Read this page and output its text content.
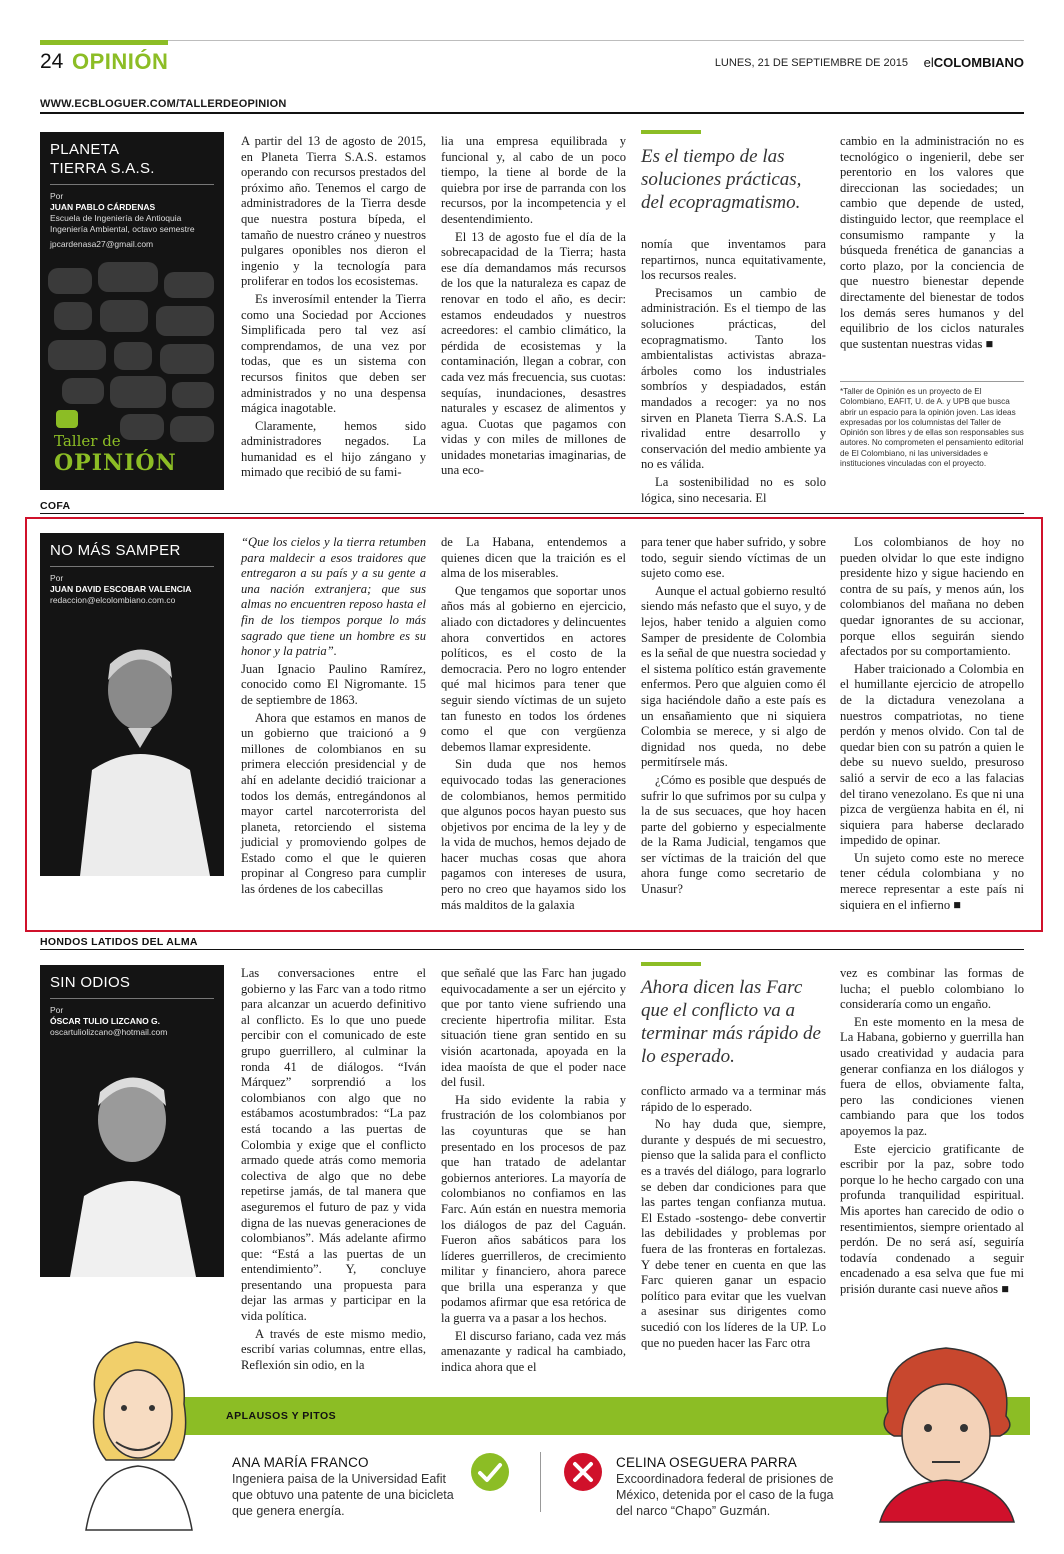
24 OPINIÓN	LUNES, 21 DE SEPTIEMBRE DE 2015 elCOLOMBIANO
WWW.ECBLOGUER.COM/TALLERDEOPINION
PLANETA
TIERRA S.A.S.
Por
JUAN PABLO CÁRDENAS
Escuela de Ingeniería de Antioquia Ingeniería Ambiental, octavo semestre
jpcardenasa27@gmail.com
Taller de
OPINIÓN

A partir del 13 de agosto de 2015, en Planeta Tierra S.A.S. estamos operando con recursos prestados del próximo año. Tenemos el cargo de administradores de la Tierra desde que nuestra postura bípeda, el tamaño de nuestro cráneo y nuestros pulgares oponibles nos dieron el ingenio y la tecnología para proliferar en todos los ecosistemas.

Es inverosímil entender la Tierra como una Sociedad por Acciones Simplificada pero tal vez así comprendamos, de una vez por todas, que es un sistema con recursos finitos que deben ser administrados y no una despensa mágica inagotable.

Claramente, hemos sido administradores negados. La humanidad es el hijo zángano y mimado que recibió de su fami-

lia una empresa equilibrada y funcional y, al cabo de un poco tiempo, la tiene al borde de la quiebra por irse de parranda con los recursos, por la incompetencia y el desentendimiento.

El 13 de agosto fue el día de la sobrecapacidad de la Tierra; hasta ese día demandamos más recursos de los que la naturaleza es capaz de renovar en todo el año, es decir: estamos endeudados y nuestros acreedores: el cambio climático, la pérdida de ecosistemas y la contaminación, llegan a cobrar, con cada vez más frecuencia, sus cuotas: sequías, inundaciones, desastres naturales y escasez de alimentos y agua. Cuotas que pagamos con vidas y con miles de millones de unidades monetarias imaginarias, de una eco-

Es el tiempo de las soluciones prácticas, del ecopragmatismo.

nomía que inventamos para repartirnos, nunca equitativamente, los recursos reales.

Precisamos un cambio de administración. Es el tiempo de las soluciones prácticas, del ecopragmatismo. Tanto los ambientalistas activistas abraza-árboles como los industriales sombríos y despiadados, están mandados a recoger: ya no nos sirven en Planeta Tierra S.A.S. La rivalidad entre desarrollo y conservación del medio ambiente ya no es válida.

La sostenibilidad no es solo lógica, sino necesaria. El

cambio en la administración no es tecnológico o ingenieril, debe ser perentorio en los valores que direccionan las sociedades; un cambio que depende de usted, distinguido lector, que reemplace el consumismo rampante y la búsqueda frenética de ganancias a corto plazo, por la conciencia de que nuestro bienestar depende directamente del bienestar de todos los demás seres humanos y del equilibrio de los ciclos naturales que sustentan nuestras vidas ■

*Taller de Opinión es un proyecto de El Colombiano, EAFIT, U. de A. y UPB que busca abrir un espacio para la opinión joven. Las ideas expresadas por los columnistas del Taller de Opinión son libres y de ellas son responsables sus autores. No comprometen el pensamiento editorial de El Colombiano, ni las universidades e instituciones vinculadas con el proyecto.
COFA
NO MÁS SAMPER
Por
JUAN DAVID ESCOBAR VALENCIA
redaccion@elcolombiano.com.co

“Que los cielos y la tierra retumben para maldecir a esos traidores que entregaron a su país y a su gente a una nación extranjera; que sus almas no encuentren reposo hasta el fin de los tiempos porque lo más sagrado que tiene un hombre es su honor y la patria”.

Juan Ignacio Paulino Ramírez, conocido como El Nigromante. 15 de septiembre de 1863.

Ahora que estamos en manos de un gobierno que traicionó a 9 millones de colombianos en su primera elección presidencial y de ahí en adelante decidió traicionar a todos los demás, entregándonos al mayor cartel narcoterrorista del planeta, retorciendo el sistema judicial y promoviendo golpes de Estado como el que le quieren propinar al Congreso para cumplir las órdenes de los cabecillas

de La Habana, entendemos a quienes dicen que la traición es el alma de los miserables.

Que tengamos que soportar unos años más al gobierno en ejercicio, aliado con dictadores y delincuentes ahora convertidos en actores políticos, es el costo de la democracia. Pero no logro entender qué mal hicimos para tener que seguir siendo víctimas de un sujeto tan funesto en todos los órdenes como el que con vergüenza debemos llamar expresidente.

Sin duda que nos hemos equivocado todas las generaciones de colombianos, hemos permitido que algunos pocos hayan puesto sus objetivos por encima de la ley y de la vida de muchos, hemos dejado de hacer muchas cosas que ahora pagamos con intereses de usura, pero no creo que hayamos sido los más malditos de la galaxia

para tener que haber sufrido, y sobre todo, seguir siendo víctimas de un sujeto como ese.

Aunque el actual gobierno resultó siendo más nefasto que el suyo, y de lejos, haber tenido a alguien como Samper de presidente de Colombia es la señal de que nuestra sociedad y el sistema político están gravemente enfermos. Pero que alguien como él siga haciéndole daño a este país es un ensañamiento que ni siquiera Colombia se merece, y si algo de dignidad nos queda, no debe permitírsele más.

¿Cómo es posible que después de sufrir lo que sufrimos por su culpa y la de sus secuaces, que hoy hacen parte del gobierno y especialmente de la Rama Judicial, tengamos que ser víctimas de la traición del que ahora funge como secretario de Unasur?

Los colombianos de hoy no pueden olvidar lo que este indigno presidente hizo y sigue haciendo en contra de su país, y menos aún, los colombianos del mañana no deben quedar ignorantes de su accionar, porque ellos seguirán siendo afectados por su comportamiento.

Haber traicionado a Colombia en el humillante ejercicio de atropello de la dictadura venezolana a nuestros compatriotas, no tiene perdón y menos olvido. Con tal de quedar bien con su patrón a quien le debe su nuevo sueldo, presuroso salió a servir de eco a las falacias del tirano venezolano. Es que ni una pizca de vergüenza habita en él, ni siquiera para haberse declarado impedido de opinar.

Un sujeto como este no merece tener cédula colombiana y no merece representar a este país ni siquiera en el infierno ■

HONDOS LATIDOS DEL ALMA
SIN ODIOS
Por
ÓSCAR TULIO LIZCANO G.
oscartuliolizcano@hotmail.com

Las conversaciones entre el gobierno y las Farc van a todo ritmo para alcanzar un acuerdo definitivo al conflicto. Es lo que uno puede percibir con el comunicado de este grupo guerrillero, al culminar la ronda 41 de diálogos. “Iván Márquez” sorprendió a los colombianos con algo que no estábamos acostumbrados: “La paz está tocando a las puertas de Colombia y exige que el conflicto armado quede atrás como memoria colectiva de algo que no debe repetirse jamás, de tal manera que aseguremos el futuro de paz y vida digna de las nuevas generaciones de colombianos”. Más adelante afirmo que: “Está a las puertas de un entendimiento”. Y, concluye presentando una propuesta para dejar las armas y participar en la vida política.

A través de este mismo medio, escribí varias columnas, entre ellas, Reflexión sin odio, en la

que señalé que las Farc han jugado equivocadamente a ser un ejército y que por tanto viene sufriendo una creciente hipertrofia militar. Esta situación tiene gran sentido en su visión acartonada, apoyada en la idea maoísta de que el poder nace del fusil.

Ha sido evidente la rabia y frustración de los colombianos por las coyunturas que se han presentado en los procesos de paz que han tratado de adelantar gobiernos anteriores. La mayoría de colombianos no confiamos en las Farc. Aún están en nuestra memoria los diálogos de paz del Caguán. Fueron años sabáticos para los líderes guerrilleros, de crecimiento militar y financiero, ahora parece que brilla una esperanza y que podamos afirmar que esa retórica de la guerra va a pasar a los hechos.

El discurso fariano, cada vez más amenazante y radical ha cambiado, indica ahora que el

Ahora dicen las Farc que el conflicto va a terminar más rápido de lo esperado.

conflicto armado va a terminar más rápido de lo esperado.

No hay duda que, siempre, durante y después de mi secuestro, pienso que la salida para el conflicto es a través del diálogo, para lograrlo se deben dar condiciones para que las partes tengan confianza mutua. El Estado -sostengo- debe convertir las debilidades y problemas por fuera de las fronteras en fortalezas. Y debe tener en cuenta en que las Farc quieren ganar un espacio político para evitar que les vuelvan a asesinar sus dirigentes como sucedió con los líderes de la UP. Lo que no pueden hacer las Farc otra

vez es combinar las formas de lucha; el pueblo colombiano lo consideraría como un engaño.

En este momento en la mesa de La Habana, gobierno y guerrilla han usado creatividad y audacia para generar confianza en los diálogos y fuera de ellos, obviamente falta, pero las condiciones vienen cambiando para que los todos apoyemos la paz.

Este ejercicio gratificante de escribir por la paz, sobre todo porque lo he hecho cargado con una profunda tranquilidad espiritual. Mis aportes han carecido de odio o resentimientos, siempre orientado al perdón. De no será así, seguiría todavía condenado a seguir encadenado a esa selva que fue mi prisión durante casi nueve años ■

APLAUSOS Y PITOS
ANA MARÍA FRANCO
Ingeniera paisa de la Universidad Eafit que obtuvo una patente de una bicicleta que genera energía.
CELINA OSEGUERA PARRA
Excoordinadora federal de prisiones de México, detenida por el caso de la fuga del narco “Chapo” Guzmán.
